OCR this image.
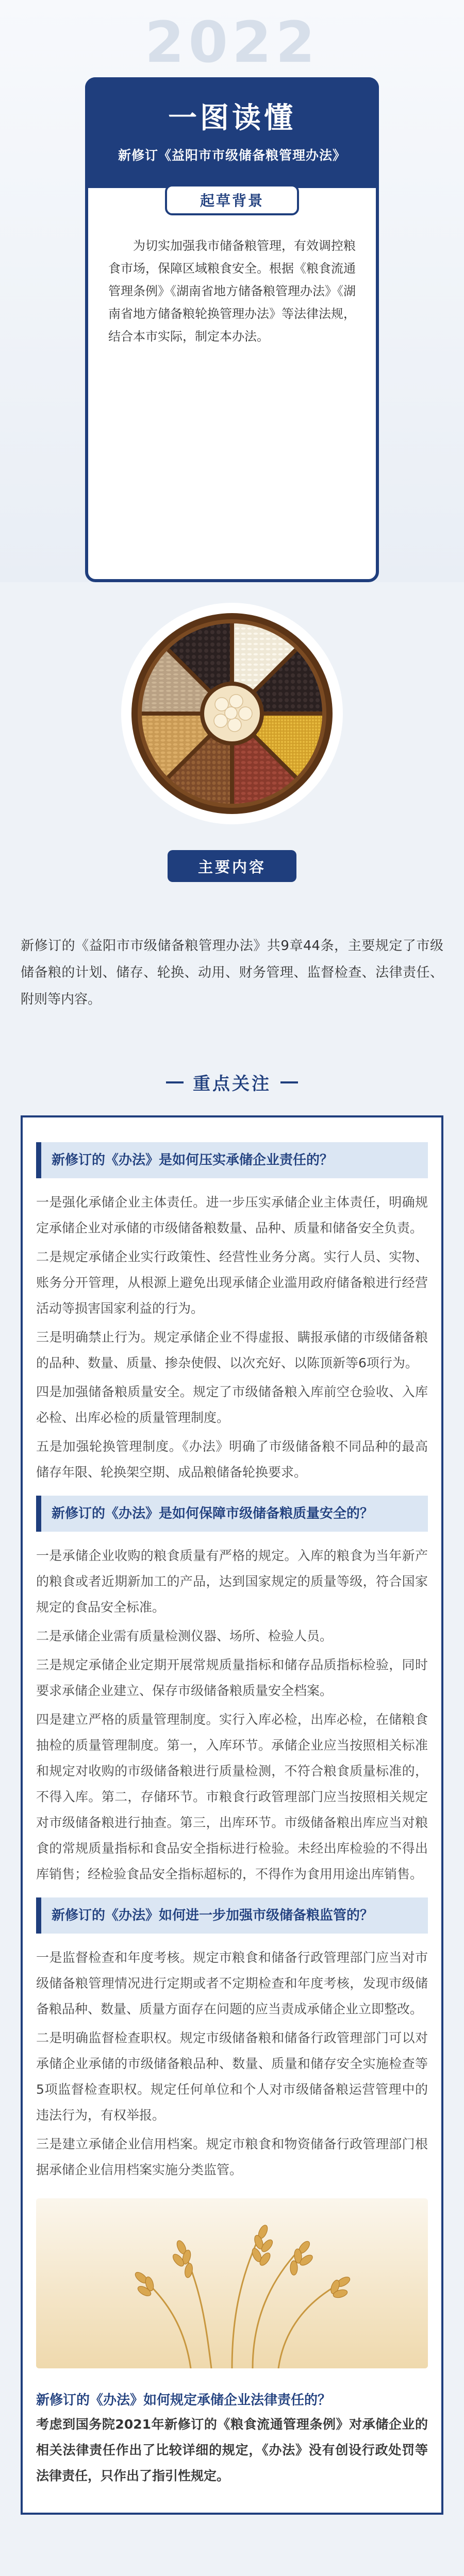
2022
一图读懂
新修订《益阳市市级储备粮管理办法》
起草背景
为切实加强我市储备粮管理，有效调控粮食市场，保障区域粮食安全。根据《粮食流通管理条例》《湖南省地方储备粮管理办法》《湖南省地方储备粮轮换管理办法》等法律法规，结合本市实际，制定本办法。
主要内容
新修订的《益阳市市级储备粮管理办法》共9章44条，主要规定了市级储备粮的计划、储存、轮换、动用、财务管理、监督检查、法律责任、附则等内容。
重点关注
新修订的《办法》是如何压实承储企业责任的？

一是强化承储企业主体责任。进一步压实承储企业主体责任，明确规定承储企业对承储的市级储备粮数量、品种、质量和储备安全负责。

二是规定承储企业实行政策性、经营性业务分离。实行人员、实物、账务分开管理，从根源上避免出现承储企业滥用政府储备粮进行经营活动等损害国家利益的行为。

三是明确禁止行为。规定承储企业不得虚报、瞒报承储的市级储备粮的品种、数量、质量、掺杂使假、以次充好、以陈顶新等6项行为。

四是加强储备粮质量安全。规定了市级储备粮入库前空仓验收、入库必检、出库必检的质量管理制度。

五是加强轮换管理制度。《办法》明确了市级储备粮不同品种的最高储存年限、轮换架空期、成品粮储备轮换要求。

新修订的《办法》是如何保障市级储备粮质量安全的？

一是承储企业收购的粮食质量有严格的规定。入库的粮食为当年新产的粮食或者近期新加工的产品，达到国家规定的质量等级，符合国家规定的食品安全标准。

二是承储企业需有质量检测仪器、场所、检验人员。

三是规定承储企业定期开展常规质量指标和储存品质指标检验，同时要求承储企业建立、保存市级储备粮质量安全档案。

四是建立严格的质量管理制度。实行入库必检，出库必检，在储粮食抽检的质量管理制度。第一，入库环节。承储企业应当按照相关标准和规定对收购的市级储备粮进行质量检测，不符合粮食质量标准的，不得入库。第二，存储环节。市粮食行政管理部门应当按照相关规定对市级储备粮进行抽查。第三，出库环节。市级储备粮出库应当对粮食的常规质量指标和食品安全指标进行检验。未经出库检验的不得出库销售；经检验食品安全指标超标的，不得作为食用用途出库销售。

新修订的《办法》如何进一步加强市级储备粮监管的？

一是监督检查和年度考核。规定市粮食和储备行政管理部门应当对市级储备粮管理情况进行定期或者不定期检查和年度考核，发现市级储备粮品种、数量、质量方面存在问题的应当责成承储企业立即整改。

二是明确监督检查职权。规定市级储备粮和储备行政管理部门可以对承储企业承储的市级储备粮品种、数量、质量和储存安全实施检查等5项监督检查职权。规定任何单位和个人对市级储备粮运营管理中的违法行为，有权举报。

三是建立承储企业信用档案。规定市粮食和物资储备行政管理部门根据承储企业信用档案实施分类监管。

新修订的《办法》如何规定承储企业法律责任的？

考虑到国务院2021年新修订的《粮食流通管理条例》对承储企业的相关法律责任作出了比较详细的规定，《办法》没有创设行政处罚等法律责任，只作出了指引性规定。
